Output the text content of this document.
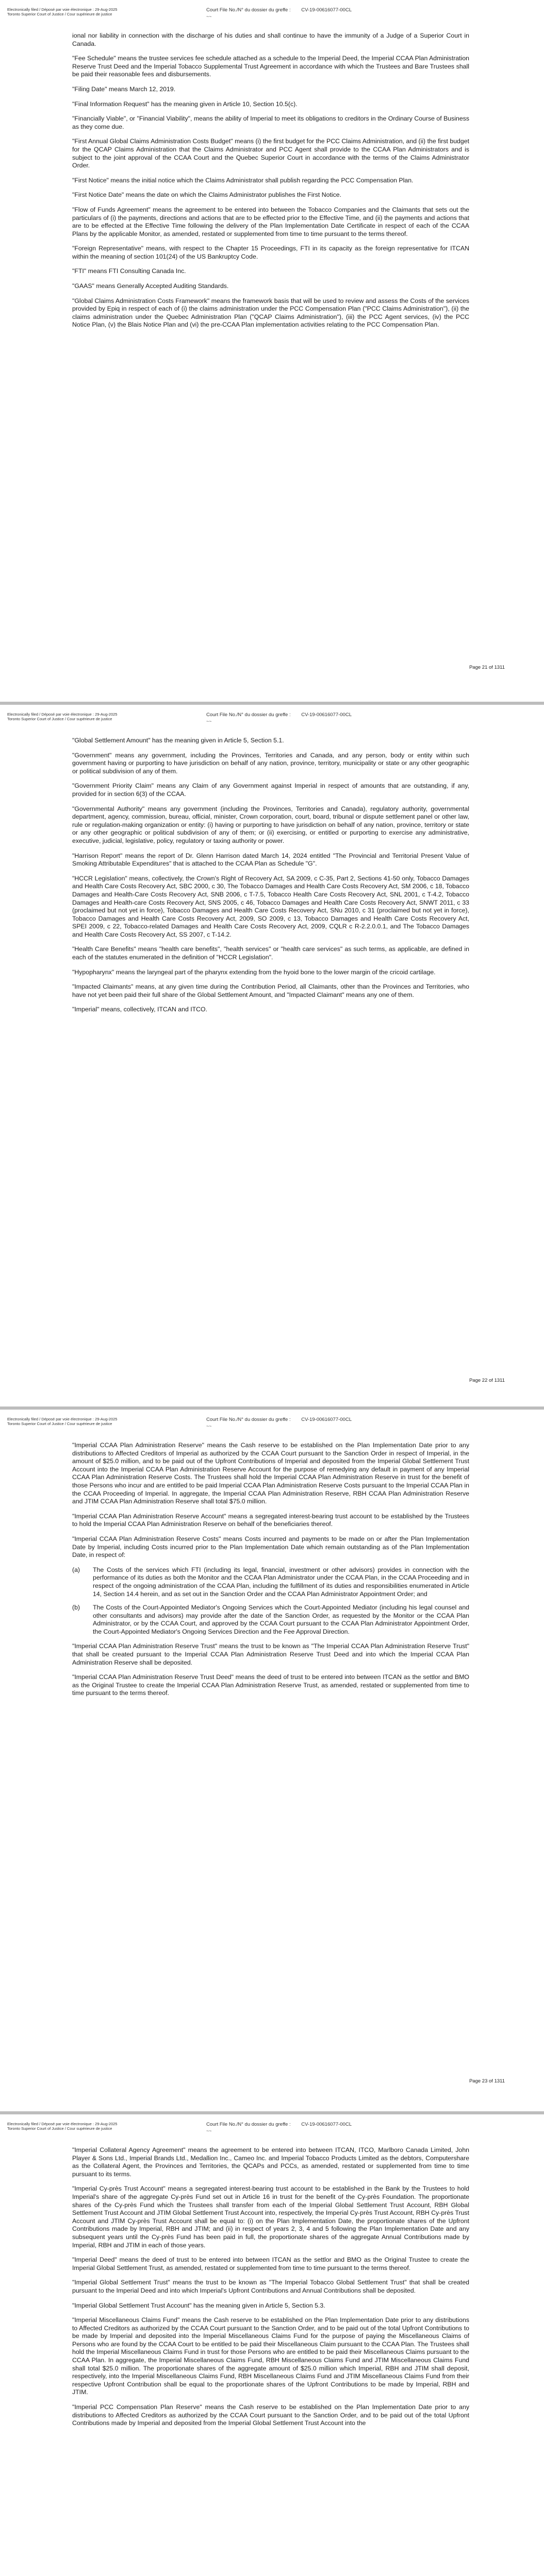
Electronically filed / Déposé par voie électronique : 29-Aug-2025
Toronto Superior Court of Justice / Cour supérieure de justice
Court File No./N° du dossier du greffe : CV-19-00616077-00CL
~~

ional nor liability in connection with the discharge of his duties and shall continue to have the immunity of a Judge of a Superior Court in Canada.

"Fee Schedule" means the trustee services fee schedule attached as a schedule to the Imperial Deed, the Imperial CCAA Plan Administration Reserve Trust Deed and the Imperial Tobacco Supplemental Trust Agreement in accordance with which the Trustees and Bare Trustees shall be paid their reasonable fees and disbursements.

"Filing Date" means March 12, 2019.

"Final Information Request" has the meaning given in Article 10, Section 10.5(c).

"Financially Viable", or "Financial Viability", means the ability of Imperial to meet its obligations to creditors in the Ordinary Course of Business as they come due.

"First Annual Global Claims Administration Costs Budget" means (i) the first budget for the PCC Claims Administration, and (ii) the first budget for the QCAP Claims Administration that the Claims Administrator and PCC Agent shall provide to the CCAA Plan Administrators and is subject to the joint approval of the CCAA Court and the Quebec Superior Court in accordance with the terms of the Claims Administrator Order.

"First Notice" means the initial notice which the Claims Administrator shall publish regarding the PCC Compensation Plan.

"First Notice Date" means the date on which the Claims Administrator publishes the First Notice.

"Flow of Funds Agreement" means the agreement to be entered into between the Tobacco Companies and the Claimants that sets out the particulars of (i) the payments, directions and actions that are to be effected prior to the Effective Time, and (ii) the payments and actions that are to be effected at the Effective Time following the delivery of the Plan Implementation Date Certificate in respect of each of the CCAA Plans by the applicable Monitor, as amended, restated or supplemented from time to time pursuant to the terms thereof.

"Foreign Representative" means, with respect to the Chapter 15 Proceedings, FTI in its capacity as the foreign representative for ITCAN within the meaning of section 101(24) of the US Bankruptcy Code.

"FTI" means FTI Consulting Canada Inc.

"GAAS" means Generally Accepted Auditing Standards.

"Global Claims Administration Costs Framework" means the framework basis that will be used to review and assess the Costs of the services provided by Epiq in respect of each of (i) the claims administration under the PCC Compensation Plan ("PCC Claims Administration"), (ii) the claims administration under the Quebec Administration Plan ("QCAP Claims Administration"), (iii) the PCC Agent services, (iv) the PCC Notice Plan, (v) the Blais Notice Plan and (vi) the pre-CCAA Plan implementation activities relating to the PCC Compensation Plan.

Page 21 of 1311
Electronically filed / Déposé par voie électronique : 29-Aug-2025
Toronto Superior Court of Justice / Cour supérieure de justice
Court File No./N° du dossier du greffe : CV-19-00616077-00CL
~~

"Global Settlement Amount" has the meaning given in Article 5, Section 5.1.

"Government" means any government, including the Provinces, Territories and Canada, and any person, body or entity within such government having or purporting to have jurisdiction on behalf of any nation, province, territory, municipality or state or any other geographic or political subdivision of any of them.

"Government Priority Claim" means any Claim of any Government against Imperial in respect of amounts that are outstanding, if any, provided for in section 6(3) of the CCAA.

"Governmental Authority" means any government (including the Provinces, Territories and Canada), regulatory authority, governmental department, agency, commission, bureau, official, minister, Crown corporation, court, board, tribunal or dispute settlement panel or other law, rule or regulation-making organization or entity: (i) having or purporting to have jurisdiction on behalf of any nation, province, territory or state or any other geographic or political subdivision of any of them; or (ii) exercising, or entitled or purporting to exercise any administrative, executive, judicial, legislative, policy, regulatory or taxing authority or power.

"Harrison Report" means the report of Dr. Glenn Harrison dated March 14, 2024 entitled "The Provincial and Territorial Present Value of Smoking Attributable Expenditures" that is attached to the CCAA Plan as Schedule "G".

"HCCR Legislation" means, collectively, the Crown's Right of Recovery Act, SA 2009, c C-35, Part 2, Sections 41-50 only, Tobacco Damages and Health Care Costs Recovery Act, SBC 2000, c 30, The Tobacco Damages and Health Care Costs Recovery Act, SM 2006, c 18, Tobacco Damages and Health-Care Costs Recovery Act, SNB 2006, c T-7.5, Tobacco Health Care Costs Recovery Act, SNL 2001, c T-4.2, Tobacco Damages and Health-care Costs Recovery Act, SNS 2005, c 46, Tobacco Damages and Health Care Costs Recovery Act, SNWT 2011, c 33 (proclaimed but not yet in force), Tobacco Damages and Health Care Costs Recovery Act, SNu 2010, c 31 (proclaimed but not yet in force), Tobacco Damages and Health Care Costs Recovery Act, 2009, SO 2009, c 13, Tobacco Damages and Health Care Costs Recovery Act, SPEI 2009, c 22, Tobacco-related Damages and Health Care Costs Recovery Act, 2009, CQLR c R-2.2.0.0.1, and The Tobacco Damages and Health Care Costs Recovery Act, SS 2007, c T-14.2.

"Health Care Benefits" means "health care benefits", "health services" or "health care services" as such terms, as applicable, are defined in each of the statutes enumerated in the definition of "HCCR Legislation".

"Hypopharynx" means the laryngeal part of the pharynx extending from the hyoid bone to the lower margin of the cricoid cartilage.

"Impacted Claimants" means, at any given time during the Contribution Period, all Claimants, other than the Provinces and Territories, who have not yet been paid their full share of the Global Settlement Amount, and "Impacted Claimant" means any one of them.

"Imperial" means, collectively, ITCAN and ITCO.

Page 22 of 1311
Electronically filed / Déposé par voie électronique : 29-Aug-2025
Toronto Superior Court of Justice / Cour supérieure de justice
Court File No./N° du dossier du greffe : CV-19-00616077-00CL
~~

"Imperial CCAA Plan Administration Reserve" means the Cash reserve to be established on the Plan Implementation Date prior to any distributions to Affected Creditors of Imperial as authorized by the CCAA Court pursuant to the Sanction Order in respect of Imperial, in the amount of $25.0 million, and to be paid out of the Upfront Contributions of Imperial and deposited from the Imperial Global Settlement Trust Account into the Imperial CCAA Plan Administration Reserve Account for the purpose of remedying any default in payment of any Imperial CCAA Plan Administration Reserve Costs. The Trustees shall hold the Imperial CCAA Plan Administration Reserve in trust for the benefit of those Persons who incur and are entitled to be paid Imperial CCAA Plan Administration Reserve Costs pursuant to the Imperial CCAA Plan in the CCAA Proceeding of Imperial. In aggregate, the Imperial CCAA Plan Administration Reserve, RBH CCAA Plan Administration Reserve and JTIM CCAA Plan Administration Reserve shall total $75.0 million.

"Imperial CCAA Plan Administration Reserve Account" means a segregated interest-bearing trust account to be established by the Trustees to hold the Imperial CCAA Plan Administration Reserve on behalf of the beneficiaries thereof.

"Imperial CCAA Plan Administration Reserve Costs" means Costs incurred and payments to be made on or after the Plan Implementation Date by Imperial, including Costs incurred prior to the Plan Implementation Date which remain outstanding as of the Plan Implementation Date, in respect of:

(a)	The Costs of the services which FTI (including its legal, financial, investment or other advisors) provides in connection with the performance of its duties as both the Monitor and the CCAA Plan Administrator under the CCAA Plan, in the CCAA Proceeding and in respect of the ongoing administration of the CCAA Plan, including the fulfillment of its duties and responsibilities enumerated in Article 14, Section 14.4 herein, and as set out in the Sanction Order and the CCAA Plan Administrator Appointment Order; and
(b)	The Costs of the Court-Appointed Mediator's Ongoing Services which the Court-Appointed Mediator (including his legal counsel and other consultants and advisors) may provide after the date of the Sanction Order, as requested by the Monitor or the CCAA Plan Administrator, or by the CCAA Court, and approved by the CCAA Court pursuant to the CCAA Plan Administrator Appointment Order, the Court-Appointed Mediator's Ongoing Services Direction and the Fee Approval Direction.

"Imperial CCAA Plan Administration Reserve Trust" means the trust to be known as "The Imperial CCAA Plan Administration Reserve Trust" that shall be created pursuant to the Imperial CCAA Plan Administration Reserve Trust Deed and into which the Imperial CCAA Plan Administration Reserve shall be deposited.

"Imperial CCAA Plan Administration Reserve Trust Deed" means the deed of trust to be entered into between ITCAN as the settlor and BMO as the Original Trustee to create the Imperial CCAA Plan Administration Reserve Trust, as amended, restated or supplemented from time to time pursuant to the terms thereof.

Page 23 of 1311
Electronically filed / Déposé par voie électronique : 29-Aug-2025
Toronto Superior Court of Justice / Cour supérieure de justice
Court File No./N° du dossier du greffe : CV-19-00616077-00CL
~~

"Imperial Collateral Agency Agreement" means the agreement to be entered into between ITCAN, ITCO, Marlboro Canada Limited, John Player & Sons Ltd., Imperial Brands Ltd., Medallion Inc., Cameo Inc. and Imperial Tobacco Products Limited as the debtors, Computershare as the Collateral Agent, the Provinces and Territories, the QCAPs and PCCs, as amended, restated or supplemented from time to time pursuant to its terms.

"Imperial Cy-près Trust Account" means a segregated interest-bearing trust account to be established in the Bank by the Trustees to hold Imperial's share of the aggregate Cy-près Fund set out in Article 16 in trust for the benefit of the Cy-près Foundation. The proportionate shares of the Cy-près Fund which the Trustees shall transfer from each of the Imperial Global Settlement Trust Account, RBH Global Settlement Trust Account and JTIM Global Settlement Trust Account into, respectively, the Imperial Cy-près Trust Account, RBH Cy-près Trust Account and JTIM Cy-près Trust Account shall be equal to: (i) on the Plan Implementation Date, the proportionate shares of the Upfront Contributions made by Imperial, RBH and JTIM; and (ii) in respect of years 2, 3, 4 and 5 following the Plan Implementation Date and any subsequent years until the Cy-près Fund has been paid in full, the proportionate shares of the aggregate Annual Contributions made by Imperial, RBH and JTIM in each of those years.

"Imperial Deed" means the deed of trust to be entered into between ITCAN as the settlor and BMO as the Original Trustee to create the Imperial Global Settlement Trust, as amended, restated or supplemented from time to time pursuant to the terms thereof.

"Imperial Global Settlement Trust" means the trust to be known as "The Imperial Tobacco Global Settlement Trust" that shall be created pursuant to the Imperial Deed and into which Imperial's Upfront Contributions and Annual Contributions shall be deposited.

"Imperial Global Settlement Trust Account" has the meaning given in Article 5, Section 5.3.

"Imperial Miscellaneous Claims Fund" means the Cash reserve to be established on the Plan Implementation Date prior to any distributions to Affected Creditors as authorized by the CCAA Court pursuant to the Sanction Order, and to be paid out of the total Upfront Contributions to be made by Imperial and deposited into the Imperial Miscellaneous Claims Fund for the purpose of paying the Miscellaneous Claims of Persons who are found by the CCAA Court to be entitled to be paid their Miscellaneous Claim pursuant to the CCAA Plan. The Trustees shall hold the Imperial Miscellaneous Claims Fund in trust for those Persons who are entitled to be paid their Miscellaneous Claims pursuant to the CCAA Plan. In aggregate, the Imperial Miscellaneous Claims Fund, RBH Miscellaneous Claims Fund and JTIM Miscellaneous Claims Fund shall total $25.0 million. The proportionate shares of the aggregate amount of $25.0 million which Imperial, RBH and JTIM shall deposit, respectively, into the Imperial Miscellaneous Claims Fund, RBH Miscellaneous Claims Fund and JTIM Miscellaneous Claims Fund from their respective Upfront Contribution shall be equal to the proportionate shares of the Upfront Contributions to be made by Imperial, RBH and JTIM.

"Imperial PCC Compensation Plan Reserve" means the Cash reserve to be established on the Plan Implementation Date prior to any distributions to Affected Creditors as authorized by the CCAA Court pursuant to the Sanction Order, and to be paid out of the total Upfront Contributions made by Imperial and deposited from the Imperial Global Settlement Trust Account into the
